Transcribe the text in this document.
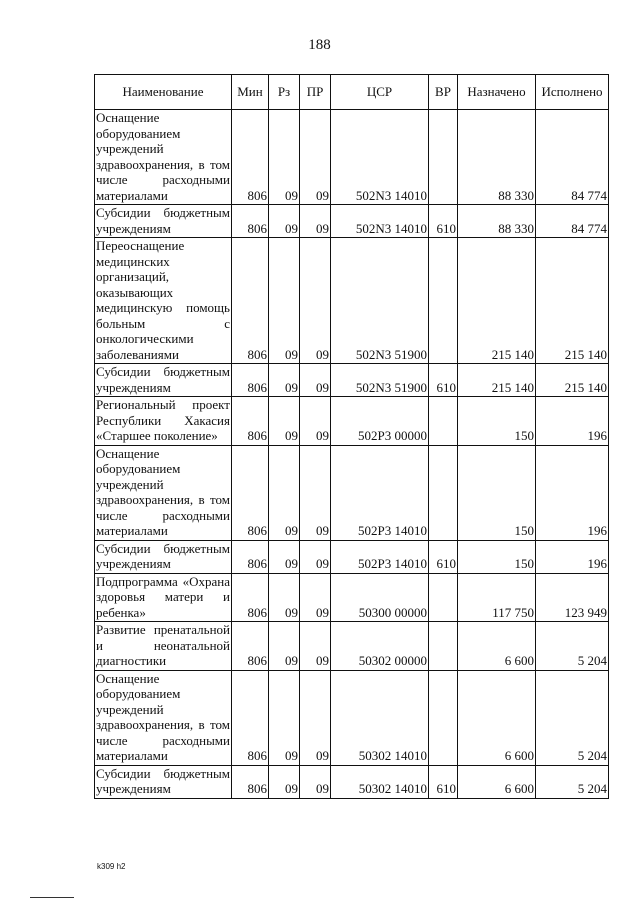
188
Наименование	Мин	Рз	ПР	ЦСР	ВР	Назначено	Исполнено
Оснащение оборудованием учреждений здравоохранения, в том числе расходными материалами	806	09	09	502N3 14010		88 330	84 774
Субсидии бюджетным учреждениям	806	09	09	502N3 14010	610	88 330	84 774
Переоснащение медицинских организаций, оказывающих медицинскую помощь больным с онкологическими заболеваниями	806	09	09	502N3 51900		215 140	215 140
Субсидии бюджетным учреждениям	806	09	09	502N3 51900	610	215 140	215 140
Региональный проект Республики Хакасия «Старшее поколение»	806	09	09	502P3 00000		150	196
Оснащение оборудованием учреждений здравоохранения, в том числе расходными материалами	806	09	09	502P3 14010		150	196
Субсидии бюджетным учреждениям	806	09	09	502P3 14010	610	150	196
Подпрограмма «Охрана здоровья матери и ребенка»	806	09	09	50300 00000		117 750	123 949
Развитие пренатальной и неонатальной диагностики	806	09	09	50302 00000		6 600	5 204
Оснащение оборудованием учреждений здравоохранения, в том числе расходными материалами	806	09	09	50302 14010		6 600	5 204
Субсидии бюджетным учреждениям	806	09	09	50302 14010	610	6 600	5 204
k309 h2
